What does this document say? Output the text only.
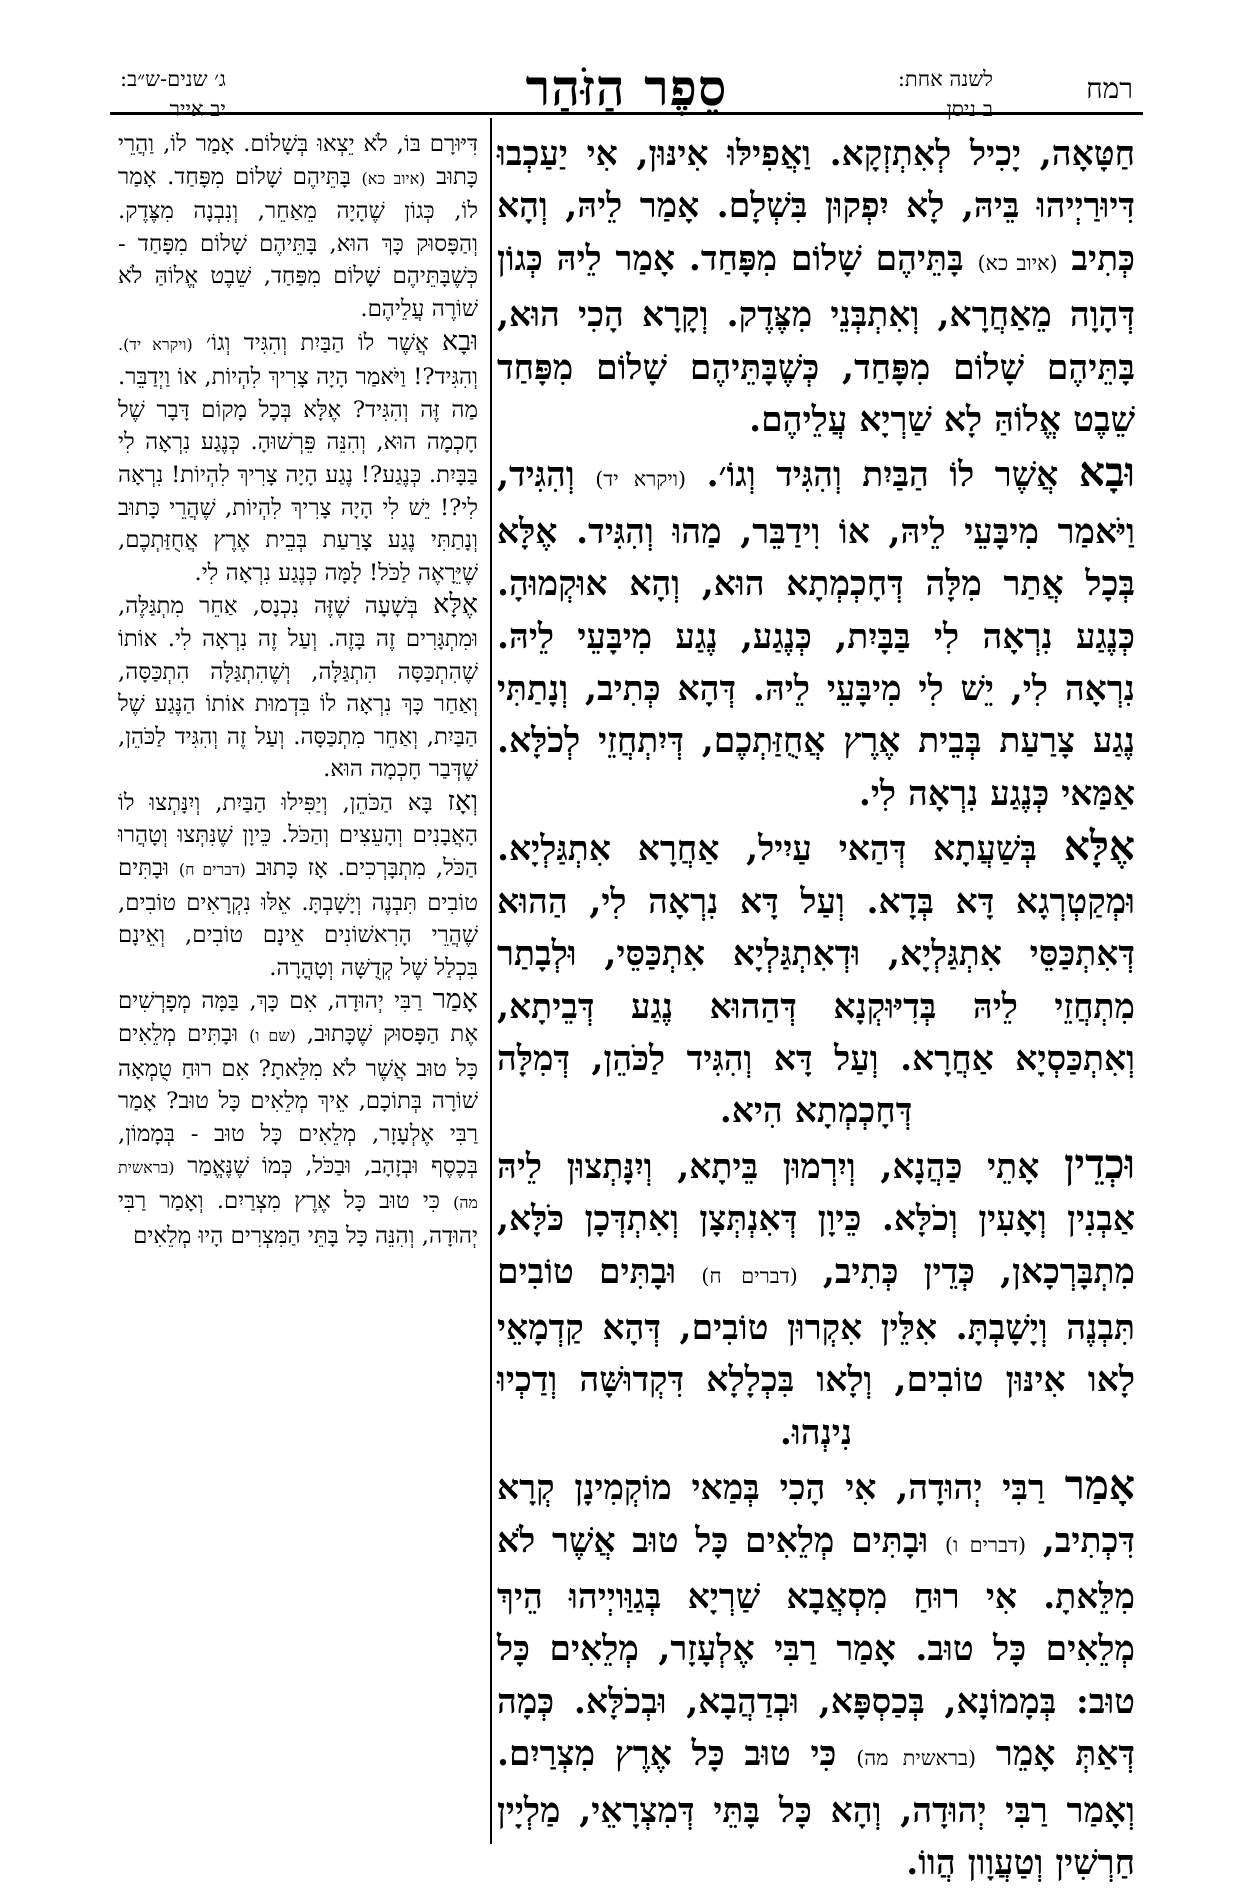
רמח
לשנה אחת:
ב ניסן
סֵפֶר הַזֹּהַר
ג׳ שנים-ש״ב:
יב אייר

חַטָּאָה, יָכִיל לְאִתְזְקָא. וַאֲפִילּוּ אִינּוּן, אִי יַעַכְבוּ דִּיוּרַיְיהוּ בֵּיהּ, לָא יִפְקוּן בִּשְׁלָם. אָמַר לֵיהּ, וְהָא כְּתִיב (איוב כא) בָּתֵּיהֶם שָׁלוֹם מִפָּחַד. אָמַר לֵיהּ כְּגוֹן דְּהָוָה מֵאַחֲרָא, וְאִתְבְּנֵי מִצֶּדֶק. וְקָרָא הָכִי הוּא, בָּתֵּיהֶם שָׁלוֹם מִפָּחַד, כְּשֶׁבָּתֵּיהֶם שָׁלוֹם מִפָּחַד שֵׁבֶט אֱלוֹהַּ לָא שַׁרְיָא עֲלֵיהֶם.

וּבָא אֲשֶׁר לוֹ הַבַּיִת וְהִגִּיד וְגוֹ׳. (ויקרא יד) וְהִגִּיד, וַיֹּאמַר מִיבָּעֵי לֵיהּ, אוֹ וִידַבֵּר, מַהוּ וְהִגִּיד. אֶלָּא בְּכָל אֲתַר מִלָּה דְּחָכְמְתָא הוּא, וְהָא אוּקְמוּהָ. כְּנֶגַע נִרְאָה לִי בַּבָּיִת, כְּנֶגַע, נֶגַע מִיבָּעֵי לֵיהּ. נִרְאָה לִי, יֵשׁ לִי מִיבָּעֵי לֵיהּ. דְּהָא כְּתִיב, וְנָתַתִּי נֶגַע צָרַעַת בְּבֵית אֶרֶץ אֲחֻזַּתְכֶם, דְּיִתְחֲזֵי לְכֹלָּא. אַמַּאי כְּנֶגַע נִרְאָה לִי.

אֶלָּא בְּשַׁעֲתָא דְּהַאי עַיִיל, אַחֲרָא אִתְגַּלְיָא. וּמְקַטְרְגָא דָּא בְּדָא. וְעַל דָּא נִרְאָה לִי, הַהוּא דְּאִתְכַּסֵּי אִתְגַּלְיָא, וּדְאִתְגַּלְיָא אִתְכַּסֵּי, וּלְבָתַר מִתְחֲזֵי לֵיהּ בְּדִיּוּקְנָא דְּהַהוּא נֶגַע דְּבֵיתָא, וְאִתְכַּסְיָא אַחֲרָא. וְעַל דָּא וְהִגִּיד לַכֹּהֵן, דְּמִלָּה דְּחָכְמְתָא הִיא.

וּכְדֵין אָתֵי כַּהֲנָא, וְיִרְמוּן בֵּיתָא, וְיִנָּתְצוּן לֵיהּ אַבְנִין וְאָעִין וְכֹלָּא. כֵּיוָן דְּאִנְתְּצָן וְאִתְדְּכָן כֹּלָּא, מִתְבָּרְכָאן, כְּדֵין כְּתִיב, (דברים ח) וּבָתִּים טוֹבִים תִּבְנֶה וְיָשָׁבְתָּ. אִלֵּין אִקְרוּן טוֹבִים, דְּהָא קַדְמָאֵי לָאו אִינּוּן טוֹבִים, וְלָאו בִּכְלָלָא דִּקְדוּשָּׁה וְדַכְיוּ נִינְהוּ.

אָמַר רַבִּי יְהוּדָה, אִי הָכִי בְּמַאי מוֹקְמִינָן קְרָא דִּכְתִיב, (דברים ו) וּבָתִּים מְלֵאִים כָּל טוּב אֲשֶׁר לֹא מִלֵּאתָ. אִי רוּחַ מִסְאֲבָא שַׁרְיָא בְּגַוַּויְיהוּ הֵיךְ מְלֵאִים כָּל טוּב. אָמַר רַבִּי אֶלְעָזָר, מְלֵאִים כָּל טוּב: בְּמָמוֹנָא, בְּכַסְפָּא, וּבְדַהֲבָא, וּבְכֹלָּא. כְּמָה דְּאַתְּ אָמֵר (בראשית מה) כִּי טוּב כָּל אֶרֶץ מִצְרַיִם. וְאָמַר רַבִּי יְהוּדָה, וְהָא כָּל בָּתֵּי דְּמִצְרָאֵי, מַלְיָין חַרְשִׁין וְטַעֲוָון הֲווֹ.

דִּיּוּרָם בּוֹ, לֹא יֵצְאוּ בְּשָׁלוֹם. אָמַר לוֹ, וַהֲרֵי כָּתוּב (איוב כא) בָּתֵּיהֶם שָׁלוֹם מִפָּחַד. אָמַר לוֹ, כְּגוֹן שֶׁהָיָה מֵאַחֵר, וְנִבְנָה מִצֶּדֶק. וְהַפָּסוּק כָּךְ הוּא, בָּתֵּיהֶם שָׁלוֹם מִפָּחַד - כְּשֶׁבָּתֵּיהֶם שָׁלוֹם מִפַּחַד, שֵׁבֶט אֱלוֹהַּ לֹא שׁוֹרֶה עֲלֵיהֶם.

וּבָא אֲשֶׁר לוֹ הַבַּיִת וְהִגִּיד וְגוֹ׳ (ויקרא יד). וְהִגִּיד?! וַיֹּאמַר הָיָה צָרִיךְ לִהְיוֹת, אוֹ וַיְדַבֵּר. מַה זֶּה וְהִגִּיד? אֶלָּא בְּכָל מָקוֹם דָּבָר שֶׁל חָכְמָה הוּא, וְהִנֵּה פֵּרְשׁוּהָ. כְּנֶגַע נִרְאָה לִי בַּבָּיִת. כְּנֶגַע?! נֶגַע הָיָה צָרִיךְ לִהְיוֹת! נִרְאָה לִי?! יֵשׁ לִי הָיָה צָרִיךְ לִהְיוֹת, שֶׁהֲרֵי כָּתוּב וְנָתַתִּי נֶגַע צָרַעַת בְּבֵית אֶרֶץ אֲחֻזַּתְכֶם, שֶׁיֵּרָאֶה לַכֹּל! לָמָּה כְּנֶגַע נִרְאָה לִי.

אֶלָּא בְּשָׁעָה שֶׁזֶּה נִכְנָס, אַחֵר מִתְגַּלֶּה, וּמִתְגָּרִים זֶה בָּזֶה. וְעַל זֶה נִרְאָה לִי. אוֹתוֹ שֶׁהִתְכַּסָּה הִתְגַּלָּה, וְשֶׁהִתְגַּלָּה הִתְכַּסָּה, וְאַחַר כָּךְ נִרְאָה לוֹ בִּדְמוּת אוֹתוֹ הַנֶּגַע שֶׁל הַבַּיִת, וְאַחֵר מִתְכַּסָּה. וְעַל זֶה וְהִגִּיד לַכֹּהֵן, שֶׁדְּבַר חָכְמָה הוּא.

וְאָז בָּא הַכֹּהֵן, וְיַפִּילוּ הַבַּיִת, וְיִנָּתְצוּ לוֹ הָאֲבָנִים וְהָעֵצִים וְהַכֹּל. כֵּיוָן שֶׁנִּתְּצוּ וְטָהֲרוּ הַכֹּל, מִתְבָּרְכִים. אָז כָּתוּב (דברים ח) וּבָתִּים טוֹבִים תִּבְנֶה וְיָשָׁבְתָּ. אֵלּוּ נִקְרָאִים טוֹבִים, שֶׁהֲרֵי הָרִאשׁוֹנִים אֵינָם טוֹבִים, וְאֵינָם בִּכְלַל שֶׁל קְדֻשָּׁה וְטָהֳרָה.

אָמַר רַבִּי יְהוּדָה, אִם כָּךְ, בַּמָּה מְפָרְשִׁים אֶת הַפָּסוּק שֶׁכָּתוּב, (שם ו) וּבָתִּים מְלֵאִים כָּל טוּב אֲשֶׁר לֹא מִלֵּאתָ? אִם רוּחַ טֻמְאָה שׁוֹרָה בְּתוֹכָם, אֵיךְ מְלֵאִים כָּל טוּב? אָמַר רַבִּי אֶלְעָזָר, מְלֵאִים כָּל טוּב - בְּמָמוֹן, בְּכֶסֶף וּבְזָהָב, וּבַכֹּל, כְּמוֹ שֶׁנֶּאֱמַר (בראשית מה) כִּי טוּב כָּל אֶרֶץ מִצְרַיִם. וְאָמַר רַבִּי יְהוּדָה, וְהִנֵּה כָּל בָּתֵּי הַמִּצְרִים הָיוּ מְלֵאִים
